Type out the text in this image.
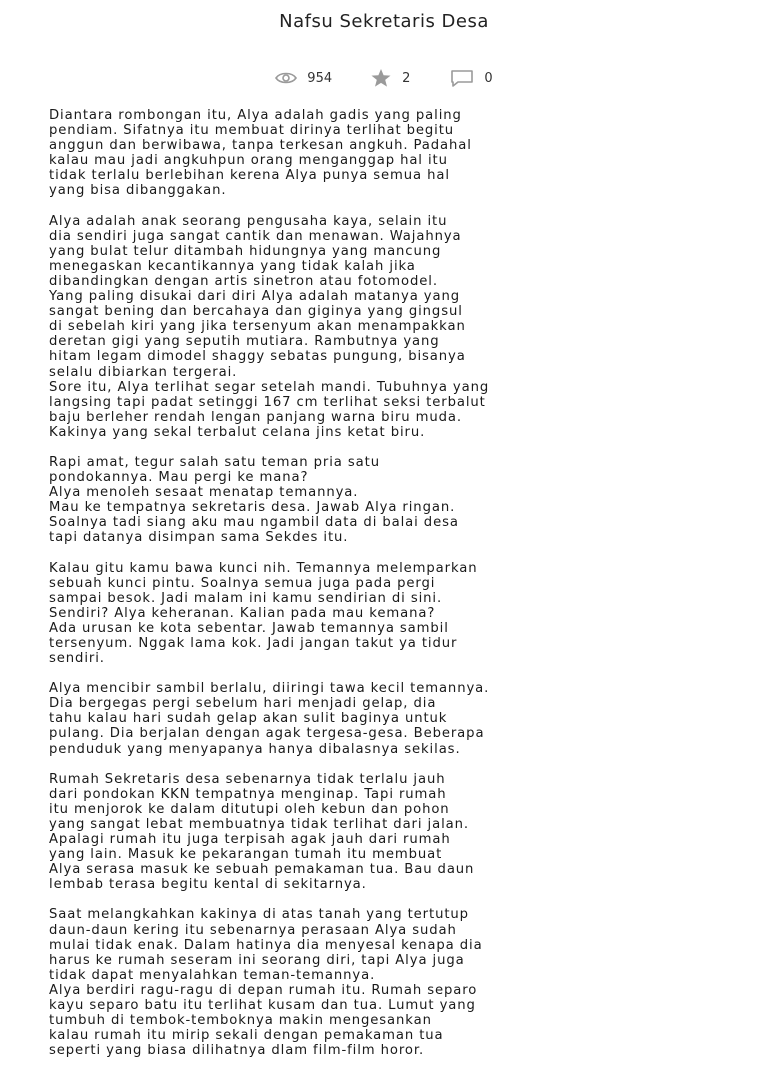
Nafsu Sekretaris Desa
954	2	0
Diantara rombongan itu, Alya adalah gadis yang paling
pendiam. Sifatnya itu membuat dirinya terlihat begitu
anggun dan berwibawa, tanpa terkesan angkuh. Padahal
kalau mau jadi angkuhpun orang menganggap hal itu
tidak terlalu berlebihan kerena Alya punya semua hal
yang bisa dibanggakan.
Alya adalah anak seorang pengusaha kaya, selain itu
dia sendiri juga sangat cantik dan menawan. Wajahnya
yang bulat telur ditambah hidungnya yang mancung
menegaskan kecantikannya yang tidak kalah jika
dibandingkan dengan artis sinetron atau fotomodel.
Yang paling disukai dari diri Alya adalah matanya yang
sangat bening dan bercahaya dan giginya yang gingsul
di sebelah kiri yang jika tersenyum akan menampakkan
deretan gigi yang seputih mutiara. Rambutnya yang
hitam legam dimodel shaggy sebatas pungung, bisanya
selalu dibiarkan tergerai.
Sore itu, Alya terlihat segar setelah mandi. Tubuhnya yang
langsing tapi padat setinggi 167 cm terlihat seksi terbalut
baju berleher rendah lengan panjang warna biru muda.
Kakinya yang sekal terbalut celana jins ketat biru.
Rapi amat, tegur salah satu teman pria satu
pondokannya. Mau pergi ke mana?
Alya menoleh sesaat menatap temannya.
Mau ke tempatnya sekretaris desa. Jawab Alya ringan.
Soalnya tadi siang aku mau ngambil data di balai desa
tapi datanya disimpan sama Sekdes itu.
Kalau gitu kamu bawa kunci nih. Temannya melemparkan
sebuah kunci pintu. Soalnya semua juga pada pergi
sampai besok. Jadi malam ini kamu sendirian di sini.
Sendiri? Alya keheranan. Kalian pada mau kemana?
Ada urusan ke kota sebentar. Jawab temannya sambil
tersenyum. Nggak lama kok. Jadi jangan takut ya tidur
sendiri.
Alya mencibir sambil berlalu, diiringi tawa kecil temannya.
Dia bergegas pergi sebelum hari menjadi gelap, dia
tahu kalau hari sudah gelap akan sulit baginya untuk
pulang. Dia berjalan dengan agak tergesa-gesa. Beberapa
penduduk yang menyapanya hanya dibalasnya sekilas.
Rumah Sekretaris desa sebenarnya tidak terlalu jauh
dari pondokan KKN tempatnya menginap. Tapi rumah
itu menjorok ke dalam ditutupi oleh kebun dan pohon
yang sangat lebat membuatnya tidak terlihat dari jalan.
Apalagi rumah itu juga terpisah agak jauh dari rumah
yang lain. Masuk ke pekarangan tumah itu membuat
Alya serasa masuk ke sebuah pemakaman tua. Bau daun
lembab terasa begitu kental di sekitarnya.
Saat melangkahkan kakinya di atas tanah yang tertutup
daun-daun kering itu sebenarnya perasaan Alya sudah
mulai tidak enak. Dalam hatinya dia menyesal kenapa dia
harus ke rumah seseram ini seorang diri, tapi Alya juga
tidak dapat menyalahkan teman-temannya.
Alya berdiri ragu-ragu di depan rumah itu. Rumah separo
kayu separo batu itu terlihat kusam dan tua. Lumut yang
tumbuh di tembok-temboknya makin mengesankan
kalau rumah itu mirip sekali dengan pemakaman tua
seperti yang biasa dilihatnya dlam film-film horor.
